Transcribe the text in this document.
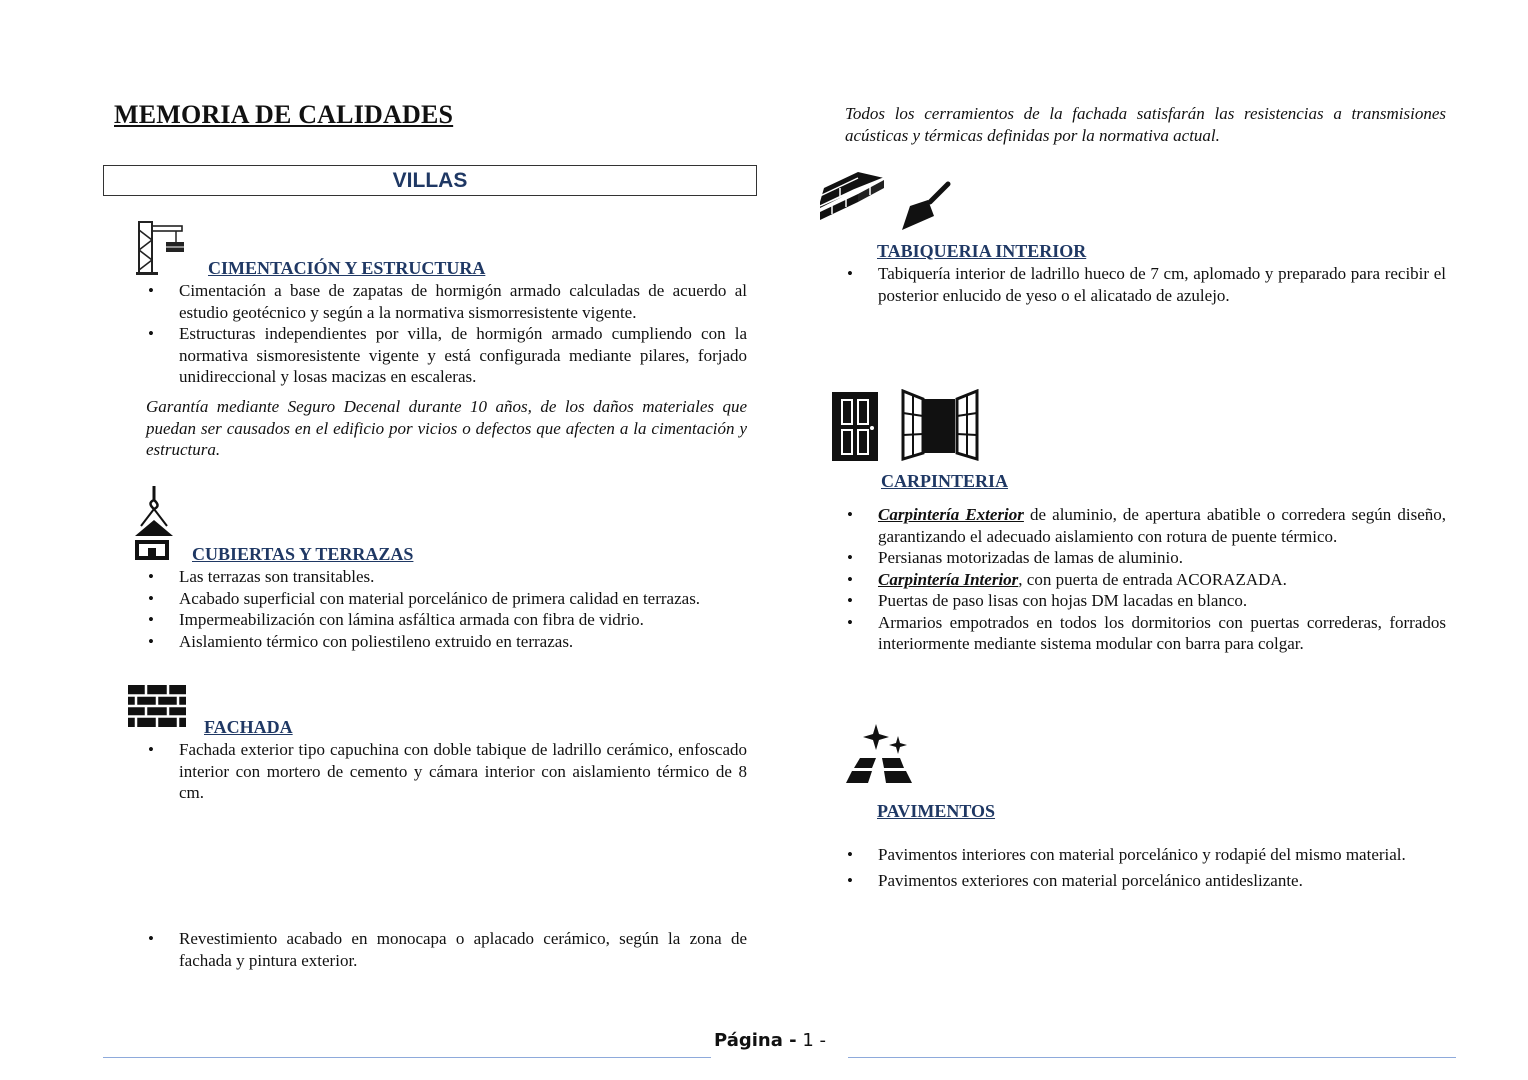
MEMORIA DE CALIDADES
VILLAS
Todos los cerramientos de la fachada satisfarán las resistencias a transmisiones acústicas y térmicas definidas por la normativa actual.
CIMENTACIÓN Y ESTRUCTURA
• Cimentación a base de zapatas de hormigón armado calculadas de acuerdo al estudio geotécnico y según a la normativa sismorresistente vigente.
• Estructuras independientes por villa, de hormigón armado cumpliendo con la normativa sismoresistente vigente y está configurada mediante pilares, forjado unidireccional y losas macizas en escaleras.
Garantía mediante Seguro Decenal durante 10 años, de los daños materiales que puedan ser causados en el edificio por vicios o defectos que afecten a la cimentación y estructura.
CUBIERTAS Y TERRAZAS
• Las terrazas son transitables.
• Acabado superficial con material porcelánico de primera calidad en terrazas.
• Impermeabilización con lámina asfáltica armada con fibra de vidrio.
• Aislamiento térmico con poliestileno extruido en terrazas.
FACHADA
• Fachada exterior tipo capuchina con doble tabique de ladrillo cerámico, enfoscado interior con mortero de cemento y cámara interior con aislamiento térmico de 8 cm.
• Revestimiento acabado en monocapa o aplacado cerámico, según la zona de fachada y pintura exterior.
TABIQUERIA INTERIOR
• Tabiquería interior de ladrillo hueco de 7 cm, aplomado y preparado para recibir el posterior enlucido de yeso o el alicatado de azulejo.
CARPINTERIA
• Carpintería Exterior de aluminio, de apertura abatible o corredera según diseño, garantizando el adecuado aislamiento con rotura de puente térmico.
• Persianas motorizadas de lamas de aluminio.
• Carpintería Interior, con puerta de entrada ACORAZADA.
• Puertas de paso lisas con hojas DM lacadas en blanco.
• Armarios empotrados en todos los dormitorios con puertas correderas, forrados interiormente mediante sistema modular con barra para colgar.
PAVIMENTOS
• Pavimentos interiores con material porcelánico y rodapié del mismo material.
• Pavimentos exteriores con material porcelánico antideslizante.
Página - 1 -
